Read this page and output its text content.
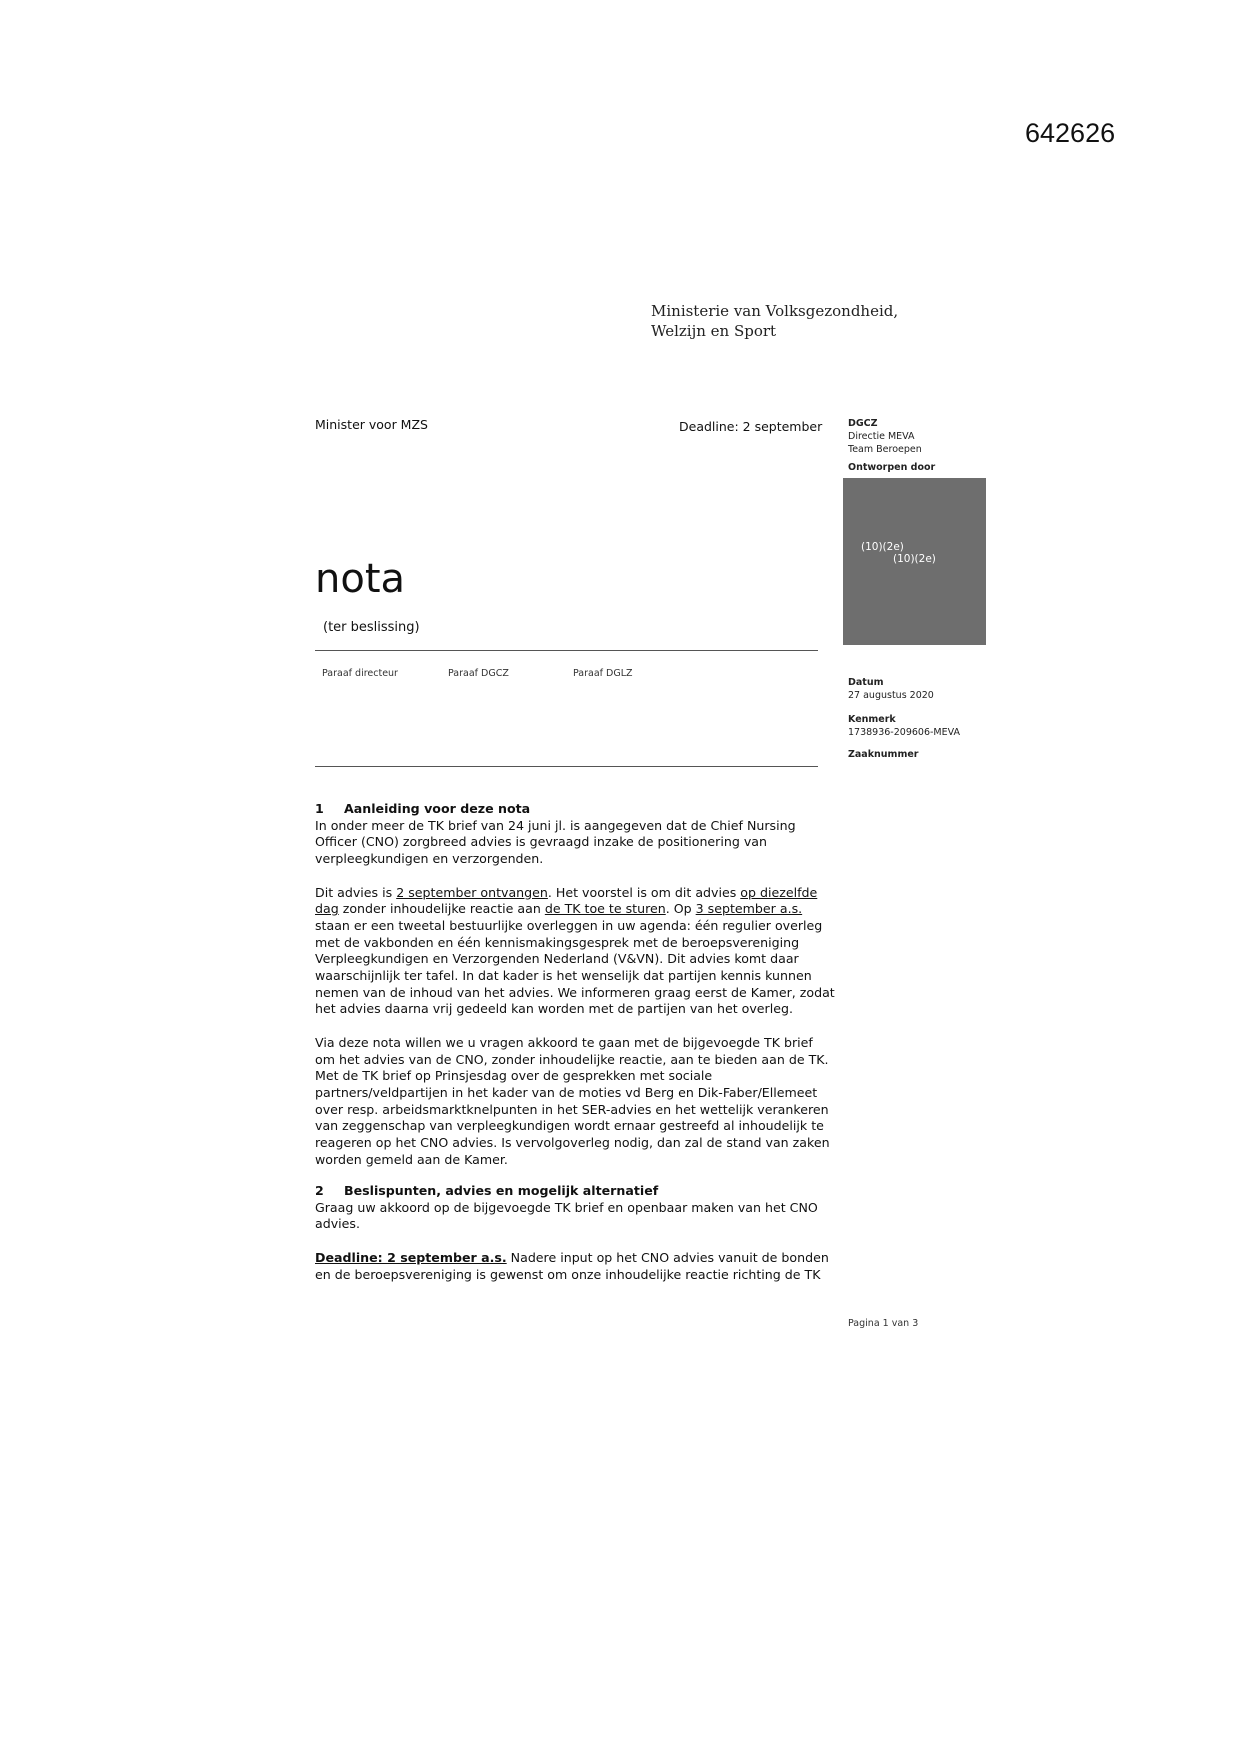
642626
Ministerie van Volksgezondheid,
Welzijn en Sport
Minister voor MZS	Deadline: 2 september	DGCZ
Directie MEVA
Team Beroepen
Ontworpen door
(10)(2e)
(10)(2e)
Datum
27 augustus 2020
Kenmerk
1738936-209606-MEVA
Zaaknummer
nota
(ter beslissing)
Paraaf directeur	Paraaf DGCZ	Paraaf DGLZ

1 Aanleiding voor deze nota

In onder meer de TK brief van 24 juni jl. is aangegeven dat de Chief Nursing Officer (CNO) zorgbreed advies is gevraagd inzake de positionering van verpleegkundigen en verzorgenden.

Dit advies is 2 september ontvangen. Het voorstel is om dit advies op diezelfde dag zonder inhoudelijke reactie aan de TK toe te sturen. Op 3 september a.s. staan er een tweetal bestuurlijke overleggen in uw agenda: één regulier overleg met de vakbonden en één kennismakingsgesprek met de beroepsvereniging Verpleegkundigen en Verzorgenden Nederland (V&VN). Dit advies komt daar waarschijnlijk ter tafel. In dat kader is het wenselijk dat partijen kennis kunnen nemen van de inhoud van het advies. We informeren graag eerst de Kamer, zodat het advies daarna vrij gedeeld kan worden met de partijen van het overleg.

Via deze nota willen we u vragen akkoord te gaan met de bijgevoegde TK brief om het advies van de CNO, zonder inhoudelijke reactie, aan te bieden aan de TK. Met de TK brief op Prinsjesdag over de gesprekken met sociale partners/veldpartijen in het kader van de moties vd Berg en Dik-Faber/Ellemeet over resp. arbeidsmarktknelpunten in het SER-advies en het wettelijk verankeren van zeggenschap van verpleegkundigen wordt ernaar gestreefd al inhoudelijk te reageren op het CNO advies. Is vervolgoverleg nodig, dan zal de stand van zaken worden gemeld aan de Kamer.

2 Beslispunten, advies en mogelijk alternatief

Graag uw akkoord op de bijgevoegde TK brief en openbaar maken van het CNO advies.

Deadline: 2 september a.s. Nadere input op het CNO advies vanuit de bonden en de beroepsvereniging is gewenst om onze inhoudelijke reactie richting de TK

Pagina 1 van 3
